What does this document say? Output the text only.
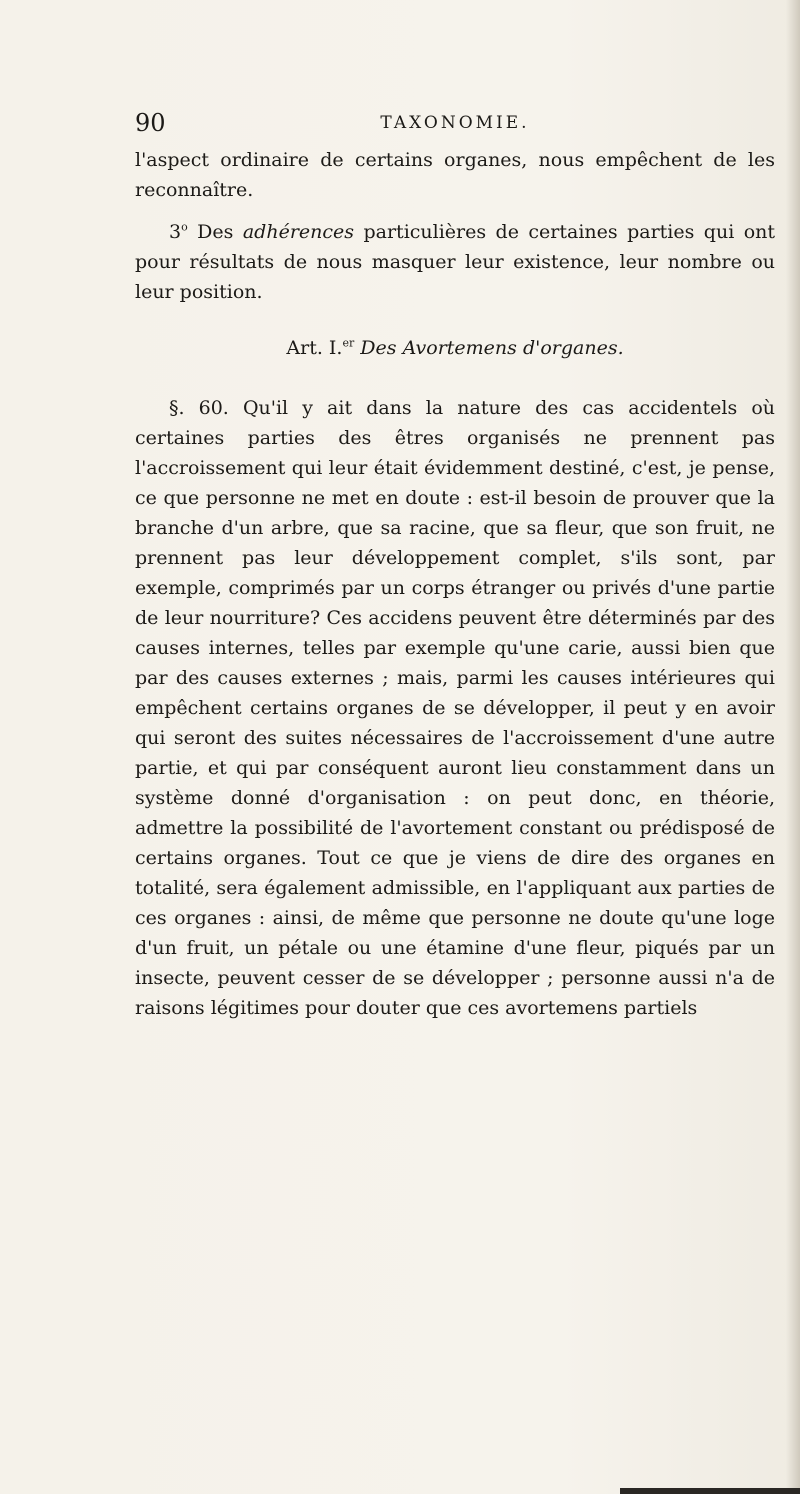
90	TAXONOMIE.

l'aspect ordinaire de certains organes, nous empêchent de les reconnaître.

3$^o$ Des adhérences particulières de certaines parties qui ont pour résultats de nous masquer leur existence, leur nombre ou leur position.

Art. I.$^{er}$ Des Avortemens d'organes.

§. 60. Qu'il y ait dans la nature des cas accidentels où certaines parties des êtres organisés ne prennent pas l'accroissement qui leur était évidemment destiné, c'est, je pense, ce que personne ne met en doute : est-il besoin de prouver que la branche d'un arbre, que sa racine, que sa fleur, que son fruit, ne prennent pas leur développement complet, s'ils sont, par exemple, comprimés par un corps étranger ou privés d'une partie de leur nourriture? Ces accidens peuvent être déterminés par des causes internes, telles par exemple qu'une carie, aussi bien que par des causes externes ; mais, parmi les causes intérieures qui empêchent certains organes de se développer, il peut y en avoir qui seront des suites nécessaires de l'accroissement d'une autre partie, et qui par conséquent auront lieu constamment dans un système donné d'organisation : on peut donc, en théorie, admettre la possibilité de l'avortement constant ou prédisposé de certains organes. Tout ce que je viens de dire des organes en totalité, sera également admissible, en l'appliquant aux parties de ces organes : ainsi, de même que personne ne doute qu'une loge d'un fruit, un pétale ou une étamine d'une fleur, piqués par un insecte, peuvent cesser de se développer ; personne aussi n'a de raisons légitimes pour douter que ces avortemens partiels
